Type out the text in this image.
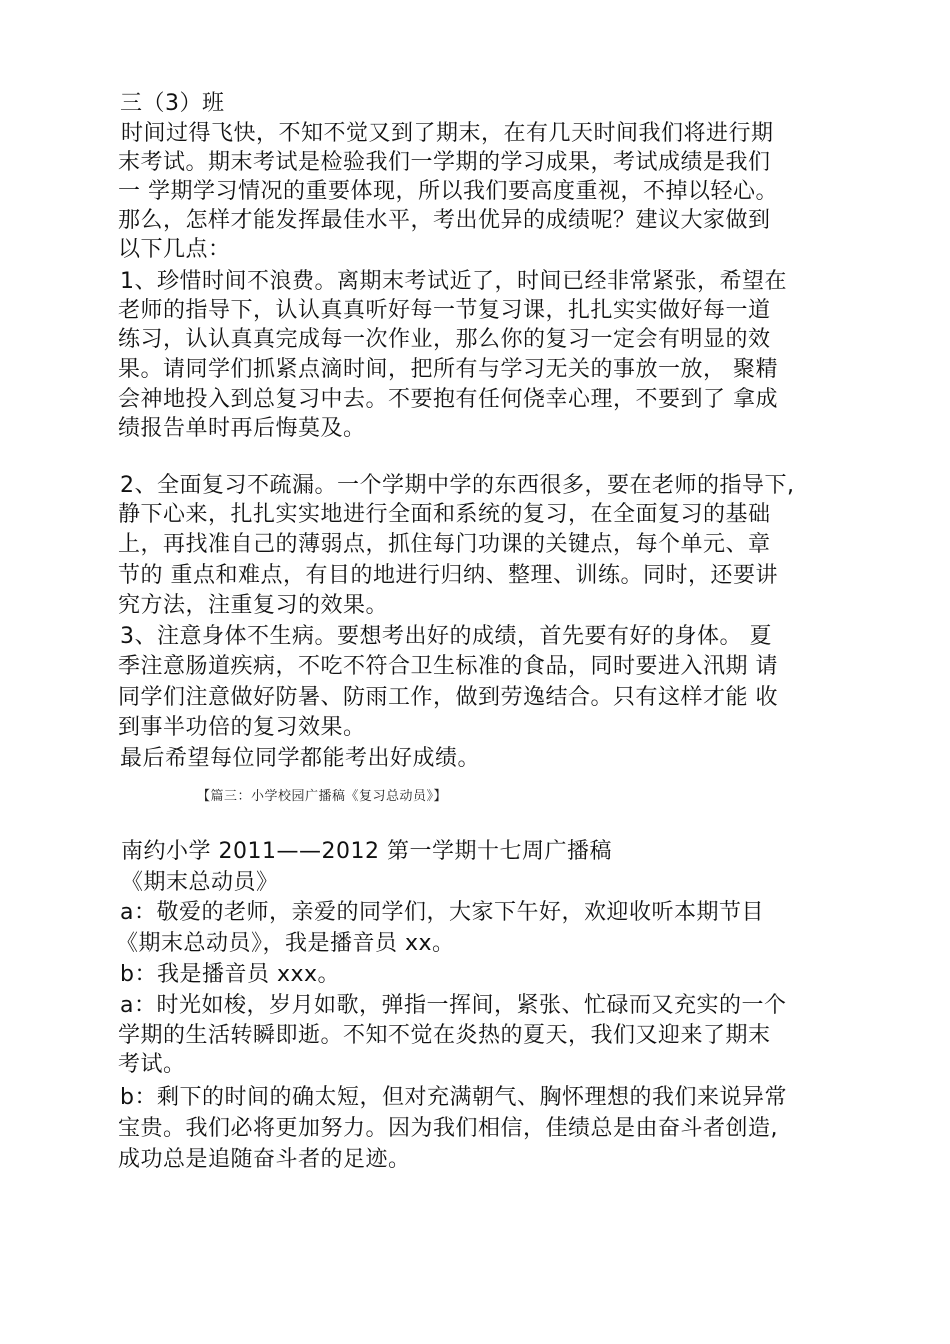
三（3）班
时间过得飞快，不知不觉又到了期末，在有几天时间我们将进行期
末考试。期末考试是检验我们一学期的学习成果，考试成绩是我们
一 学期学习情况的重要体现，所以我们要高度重视，不掉以轻心。
那么，怎样才能发挥最佳水平，考出优异的成绩呢？建议大家做到
以下几点：
1、珍惜时间不浪费。离期末考试近了，时间已经非常紧张，希望在
老师的指导下，认认真真听好每一节复习课，扎扎实实做好每一道
练习，认认真真完成每一次作业，那么你的复习一定会有明显的效
果。请同学们抓紧点滴时间，把所有与学习无关的事放一放， 聚精
会神地投入到总复习中去。不要抱有任何侥幸心理，不要到了 拿成
绩报告单时再后悔莫及。
2、全面复习不疏漏。一个学期中学的东西很多，要在老师的指导下,
静下心来，扎扎实实地进行全面和系统的复习，在全面复习的基础
上，再找准自己的薄弱点，抓住每门功课的关键点，每个单元、章
节的 重点和难点，有目的地进行归纳、整理、训练。同时，还要讲
究方法，注重复习的效果。
3、注意身体不生病。要想考出好的成绩，首先要有好的身体。 夏
季注意肠道疾病，不吃不符合卫生标准的食品，同时要进入汛期 请
同学们注意做好防暑、防雨工作，做到劳逸结合。只有这样才能 收
到事半功倍的复习效果。
最后希望每位同学都能考出好成绩。
【篇三：小学校园广播稿《复习总动员》】
南约小学 2011——2012 第一学期十七周广播稿
《期末总动员》
a：敬爱的老师，亲爱的同学们，大家下午好，欢迎收听本期节目
《期末总动员》，我是播音员 xx。
b：我是播音员 xxx。
a：时光如梭，岁月如歌，弹指一挥间，紧张、忙碌而又充实的一个
学期的生活转瞬即逝。不知不觉在炎热的夏天，我们又迎来了期末
考试。
b：剩下的时间的确太短，但对充满朝气、胸怀理想的我们来说异常
宝贵。我们必将更加努力。因为我们相信，佳绩总是由奋斗者创造,
成功总是追随奋斗者的足迹。
